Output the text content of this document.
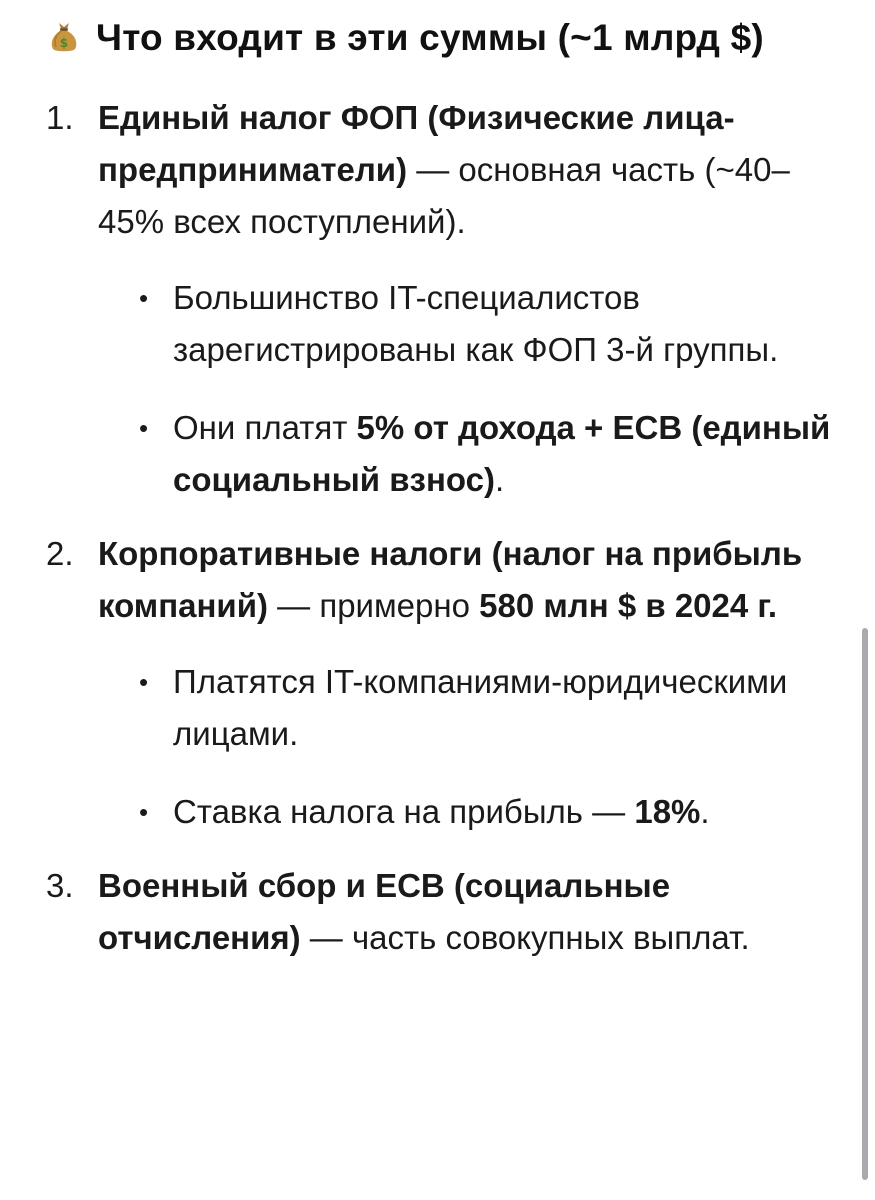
$ Что входит в эти суммы (~1 млрд $)
1. Единый налог ФОП (Физические лица-предприниматели) — основная часть (~40–45% всех поступлений).
• Большинство IT-специалистов зарегистрированы как ФОП 3-й группы.
• Они платят 5% от дохода + ЕСВ (единый социальный взнос).
2. Корпоративные налоги (налог на прибыль компаний) — примерно 580 млн $ в 2024 г.
• Платятся IT-компаниями-юридическими лицами.
• Ставка налога на прибыль — 18%.
3. Военный сбор и ЕСВ (социальные отчисления) — часть совокупных выплат.
